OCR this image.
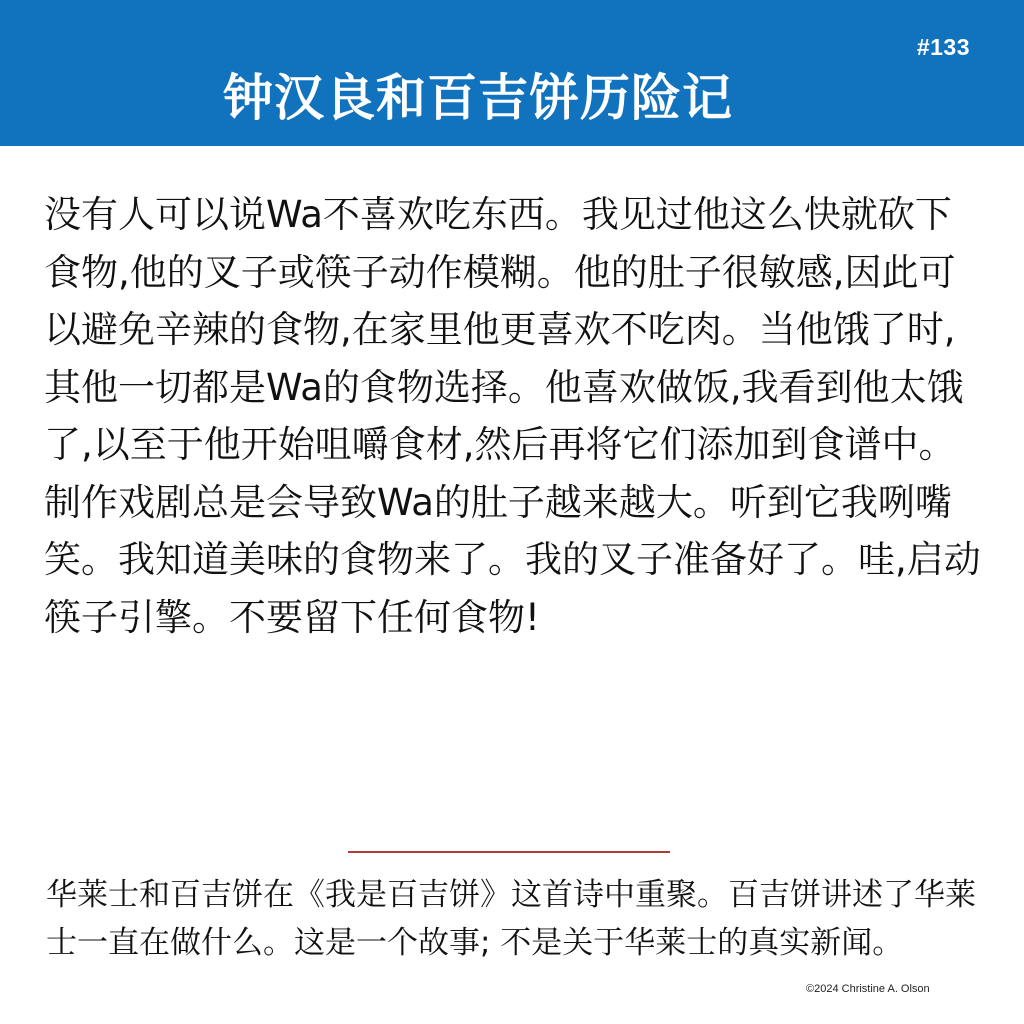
#133
钟汉良和百吉饼历险记

没有人可以说Wa不喜欢吃东西。我见过他这么快就砍下食物,他的叉子或筷子动作模糊。他的肚子很敏感,因此可以避免辛辣的食物,在家里他更喜欢不吃肉。当他饿了时,其他一切都是Wa的食物选择。他喜欢做饭,我看到他太饿了,以至于他开始咀嚼食材,然后再将它们添加到食谱中。制作戏剧总是会导致Wa的肚子越来越大。听到它我咧嘴笑。我知道美味的食物来了。我的叉子准备好了。哇,启动筷子引擎。不要留下任何食物!

华莱士和百吉饼在《我是百吉饼》这首诗中重聚。百吉饼讲述了华莱士一直在做什么。这是一个故事; 不是关于华莱士的真实新闻。

©2024 Christine A. Olson
